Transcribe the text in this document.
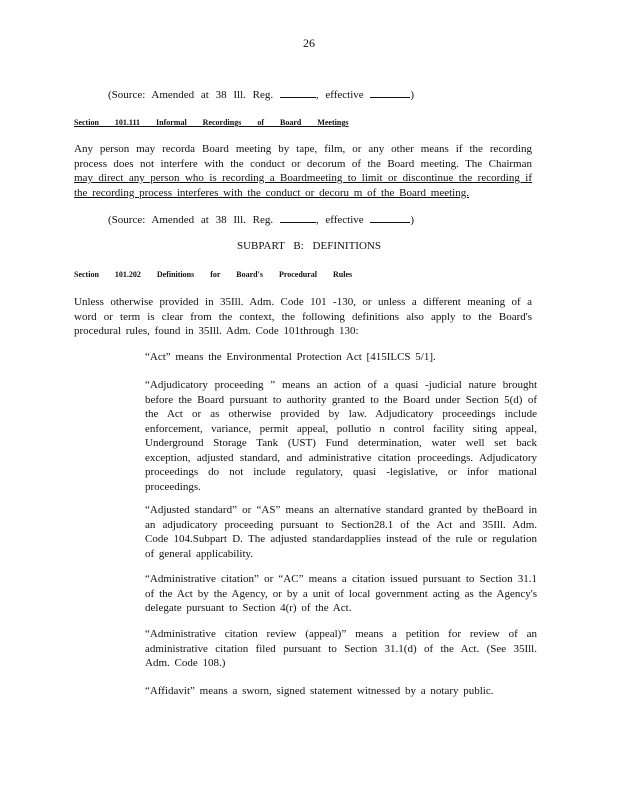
26
(Source: Amended at 38 Ill. Reg.	, effective	)
Section 101.111 Informal Recordings of Board Meetings
Any person may recorda Board meeting by tape, film, or any other means if the recording process does not interfere with the conduct or decorum of the Board meeting. The Chairman may direct any person who is recording a Boardmeeting to limit or discontinue the recording if the recording process interferes with the conduct or decoru m of the Board meeting.
(Source: Amended at 38 Ill. Reg.	, effective	)
SUBPART B: DEFINITIONS
Section 101.202 Definitions for Board's Procedural Rules
Unless otherwise provided in 35Ill. Adm. Code 101 -130, or unless a different meaning of a word or term is clear from the context, the following definitions also apply to the Board's procedural rules, found in 35Ill. Adm. Code 101through 130:
“Act” means the Environmental Protection Act [415ILCS 5/1].
“Adjudicatory proceeding ” means an action of a quasi -judicial nature brought before the Board pursuant to authority granted to the Board under Section 5(d) of the Act or as otherwise provided by law. Adjudicatory proceedings include enforcement, variance, permit appeal, pollutio n control facility siting appeal, Underground Storage Tank (UST) Fund determination, water well set back exception, adjusted standard, and administrative citation proceedings. Adjudicatory proceedings do not include regulatory, quasi -legislative, or infor mational proceedings.
“Adjusted standard” or “AS” means an alternative standard granted by theBoard in an adjudicatory proceeding pursuant to Section28.1 of the Act and 35Ill. Adm. Code 104.Subpart D. The adjusted standardapplies instead of the rule or regulation of general applicability.
“Administrative citation” or “AC” means a citation issued pursuant to Section 31.1 of the Act by the Agency, or by a unit of local government acting as the Agency's delegate pursuant to Section 4(r) of the Act.
“Administrative citation review (appeal)” means a petition for review of an administrative citation filed pursuant to Section 31.1(d) of the Act. (See 35Ill. Adm. Code 108.)
“Affidavit” means a sworn, signed statement witnessed by a notary public.
